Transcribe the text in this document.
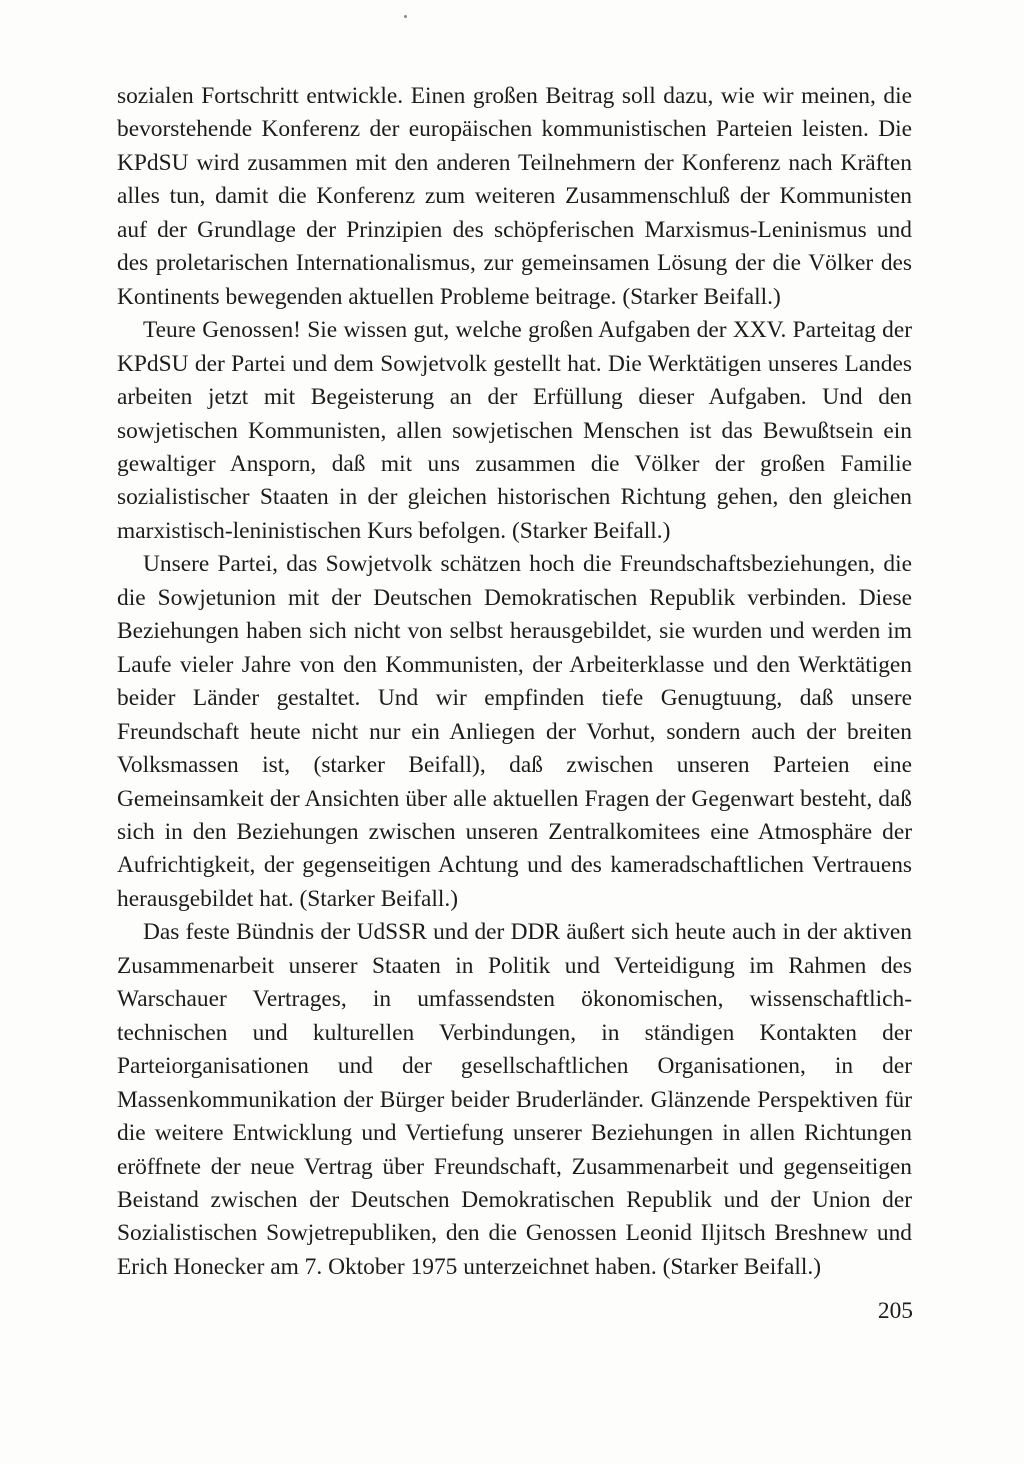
sozialen Fortschritt entwickle. Einen großen Beitrag soll dazu, wie wir meinen, die bevorstehende Konferenz der europäischen kommunistischen Parteien leisten. Die KPdSU wird zusammen mit den anderen Teilnehmern der Konferenz nach Kräften alles tun, damit die Konferenz zum weiteren Zusammenschluß der Kommunisten auf der Grundlage der Prinzipien des schöpferischen Marxismus-Leninismus und des proletarischen Internationalismus, zur gemeinsamen Lösung der die Völker des Kontinents bewegenden aktuellen Probleme beitrage. (Starker Beifall.)

Teure Genossen! Sie wissen gut, welche großen Aufgaben der XXV. Parteitag der KPdSU der Partei und dem Sowjetvolk gestellt hat. Die Werktätigen unseres Landes arbeiten jetzt mit Begeisterung an der Erfüllung dieser Aufgaben. Und den sowjetischen Kommunisten, allen sowjetischen Menschen ist das Bewußtsein ein gewaltiger Ansporn, daß mit uns zusammen die Völker der großen Familie sozialistischer Staaten in der gleichen historischen Richtung gehen, den gleichen marxistisch-leninistischen Kurs befolgen. (Starker Beifall.)

Unsere Partei, das Sowjetvolk schätzen hoch die Freundschaftsbeziehungen, die die Sowjetunion mit der Deutschen Demokratischen Republik verbinden. Diese Beziehungen haben sich nicht von selbst herausgebildet, sie wurden und werden im Laufe vieler Jahre von den Kommunisten, der Arbeiterklasse und den Werktätigen beider Länder gestaltet. Und wir empfinden tiefe Genugtuung, daß unsere Freundschaft heute nicht nur ein Anliegen der Vorhut, sondern auch der breiten Volksmassen ist, (starker Beifall), daß zwischen unseren Parteien eine Gemeinsamkeit der Ansichten über alle aktuellen Fragen der Gegenwart besteht, daß sich in den Beziehungen zwischen unseren Zentralkomitees eine Atmosphäre der Aufrichtigkeit, der gegenseitigen Achtung und des kameradschaftlichen Vertrauens herausgebildet hat. (Starker Beifall.)

Das feste Bündnis der UdSSR und der DDR äußert sich heute auch in der aktiven Zusammenarbeit unserer Staaten in Politik und Verteidigung im Rahmen des Warschauer Vertrages, in umfassendsten ökonomischen, wissenschaftlich-technischen und kulturellen Verbindungen, in ständigen Kontakten der Parteiorganisationen und der gesellschaftlichen Organisationen, in der Massenkommunikation der Bürger beider Bruderländer. Glänzende Perspektiven für die weitere Entwicklung und Vertiefung unserer Beziehungen in allen Richtungen eröffnete der neue Vertrag über Freundschaft, Zusammenarbeit und gegenseitigen Beistand zwischen der Deutschen Demokratischen Republik und der Union der Sozialistischen Sowjetrepubliken, den die Genossen Leonid Iljitsch Breshnew und Erich Honecker am 7. Oktober 1975 unterzeichnet haben. (Starker Beifall.)

205
